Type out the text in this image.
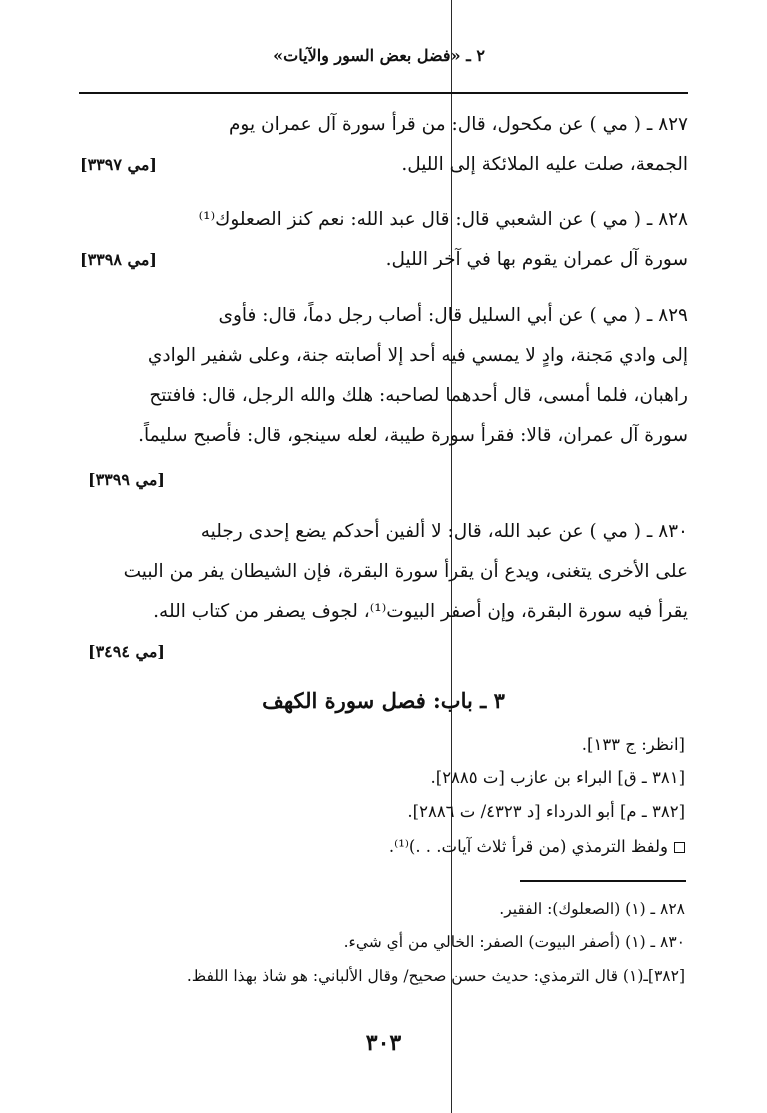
٢ ـ «فضل بعض السور والآيات»
٨٢٧ ـ ( مي ) عن مكحول، قال: من قرأ سورة آل عمران يوم
الجمعة، صلت عليه الملائكة إلى الليل.
[مي ٣٣٩٧]
٨٢٨ ـ ( مي ) عن الشعبي قال: قال عبد الله: نعم كنز الصعلوك⁽¹⁾
سورة آل عمران يقوم بها في آخر الليل.
[مي ٣٣٩٨]
٨٢٩ ـ ( مي ) عن أبي السليل قال: أصاب رجل دماً، قال: فأوى
إلى وادي مَجنة، وادٍ لا يمسي فيه أحد إلا أصابته جنة، وعلى شفير الوادي
راهبان، فلما أمسى، قال أحدهما لصاحبه: هلك والله الرجل، قال: فافتتح
سورة آل عمران، قالا: فقرأ سورة طيبة، لعله سينجو، قال: فأصبح سليماً.
[مي ٣٣٩٩]
٨٣٠ ـ ( مي ) عن عبد الله، قال: لا ألفين أحدكم يضع إحدى رجليه
على الأخرى يتغنى، ويدع أن يقرأ سورة البقرة، فإن الشيطان يفر من البيت
يقرأ فيه سورة البقرة، وإن أصفر البيوت⁽¹⁾، لجوف يصفر من كتاب الله.
[مي ٣٤٩٤]
٣ ـ باب: فصل سورة الكهف
[انظر: ج ١٣٣].
[٣٨١ ـ ق] البراء بن عازب [ت ٢٨٨٥].
[٣٨٢ ـ م] أبو الدرداء [د ٤٣٢٣/ ت ٢٨٨٦].
ولفظ الترمذي (من قرأ ثلاث آيات. . .)⁽¹⁾.
٨٢٨ ـ (١) (الصعلوك): الفقير.
٨٣٠ ـ (١) (أصفر البيوت) الصفر: الخالي من أي شيء.
[٣٨٢]ـ(١) قال الترمذي: حديث حسن صحيح/ وقال الألباني: هو شاذ بهذا اللفظ.
٣٠٣
